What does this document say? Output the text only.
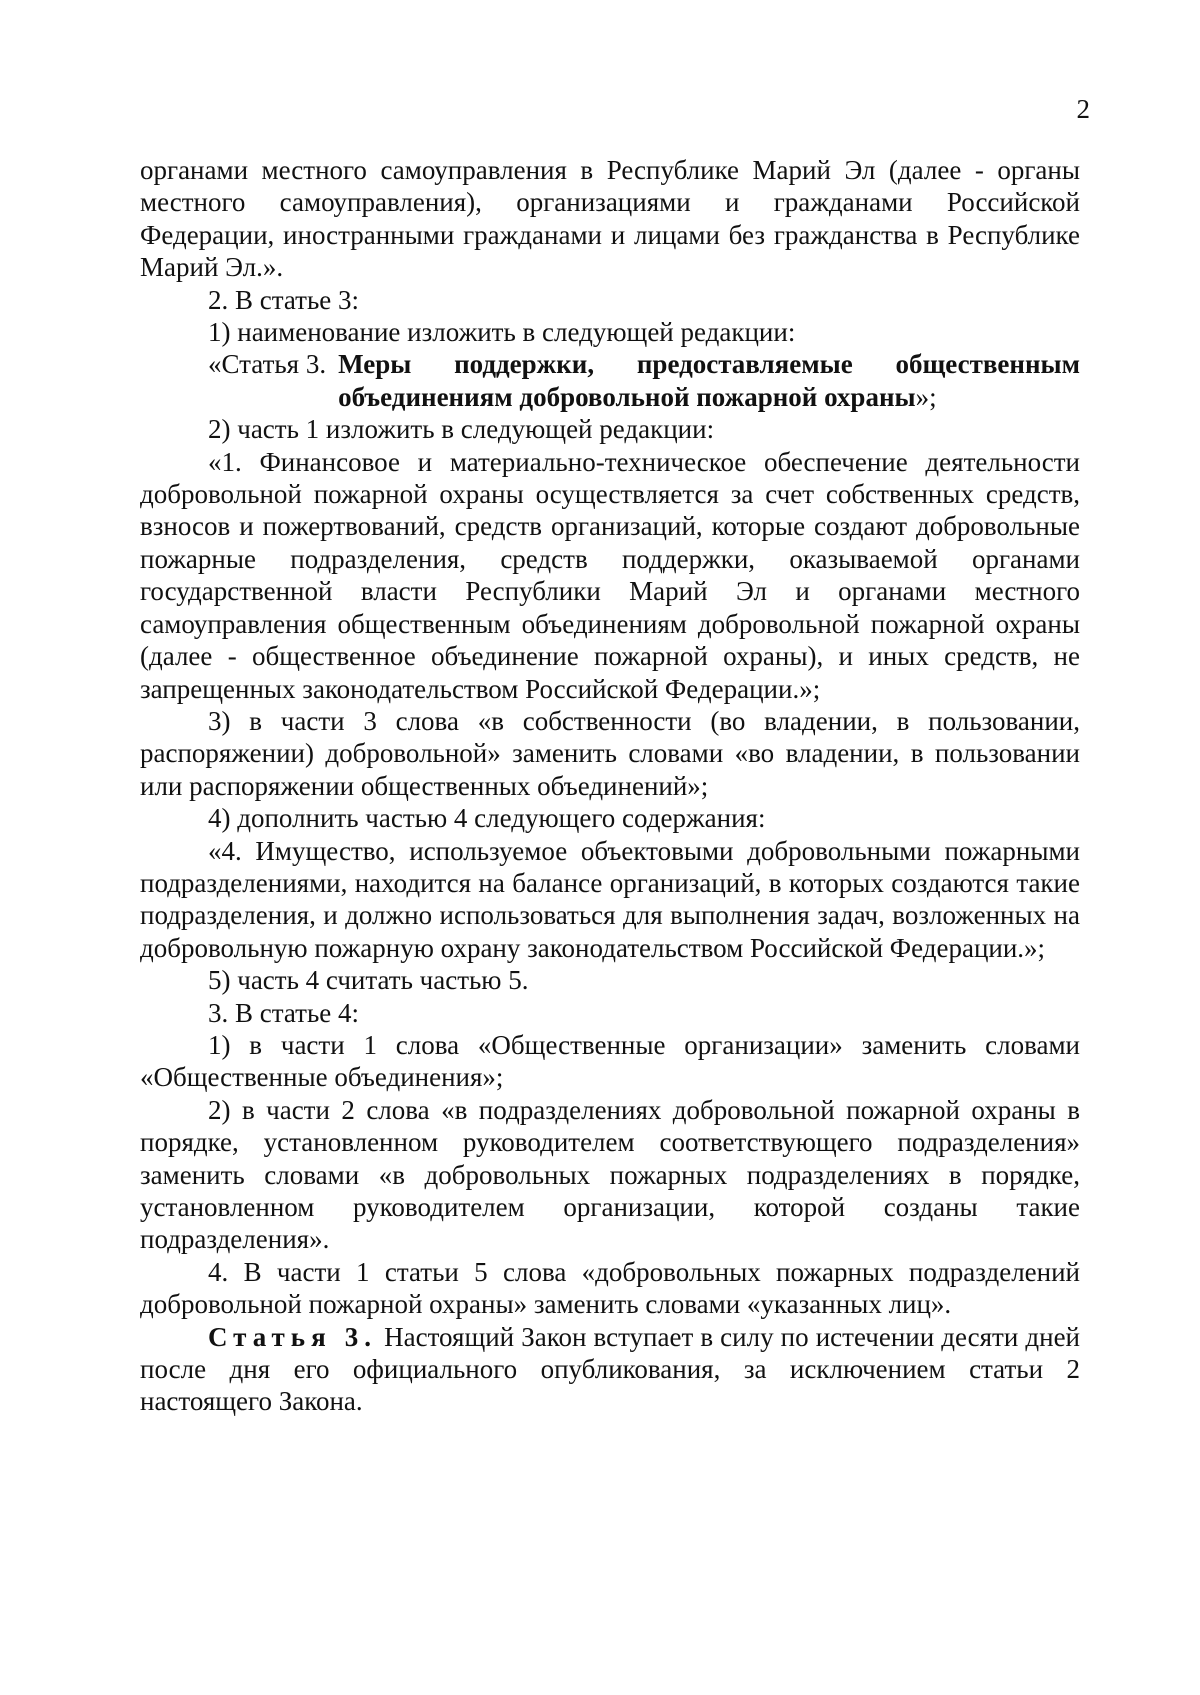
2

органами местного самоуправления в Республике Марий Эл (далее - органы местного самоуправления), организациями и гражданами Российской Федерации, иностранными гражданами и лицами без гражданства в Республике Марий Эл.».

2. В статье 3:

1) наименование изложить в следующей редакции:

«Статья 3. Меры поддержки, предоставляемые общественным объединениям добровольной пожарной охраны»;

2) часть 1 изложить в следующей редакции:

«1. Финансовое и материально-техническое обеспечение деятельности добровольной пожарной охраны осуществляется за счет собственных средств, взносов и пожертвований, средств организаций, которые создают добровольные пожарные подразделения, средств поддержки, оказываемой органами государственной власти Республики Марий Эл и органами местного самоуправления общественным объединениям добровольной пожарной охраны (далее - общественное объединение пожарной охраны), и иных средств, не запрещенных законодательством Российской Федерации.»;

3) в части 3 слова «в собственности (во владении, в пользовании, распоряжении) добровольной» заменить словами «во владении, в пользовании или распоряжении общественных объединений»;

4) дополнить частью 4 следующего содержания:

«4. Имущество, используемое объектовыми добровольными пожарными подразделениями, находится на балансе организаций, в которых создаются такие подразделения, и должно использоваться для выполнения задач, возложенных на добровольную пожарную охрану законодательством Российской Федерации.»;

5) часть 4 считать частью 5.

3. В статье 4:

1) в части 1 слова «Общественные организации» заменить словами «Общественные объединения»;

2) в части 2 слова «в подразделениях добровольной пожарной охраны в порядке, установленном руководителем соответствующего подразделения» заменить словами «в добровольных пожарных подразделениях в порядке, установленном руководителем организации, которой созданы такие подразделения».

4. В части 1 статьи 5 слова «добровольных пожарных подразделений добровольной пожарной охраны» заменить словами «указанных лиц».

Статья 3. Настоящий Закон вступает в силу по истечении десяти дней после дня его официального опубликования, за исключением статьи 2 настоящего Закона.
